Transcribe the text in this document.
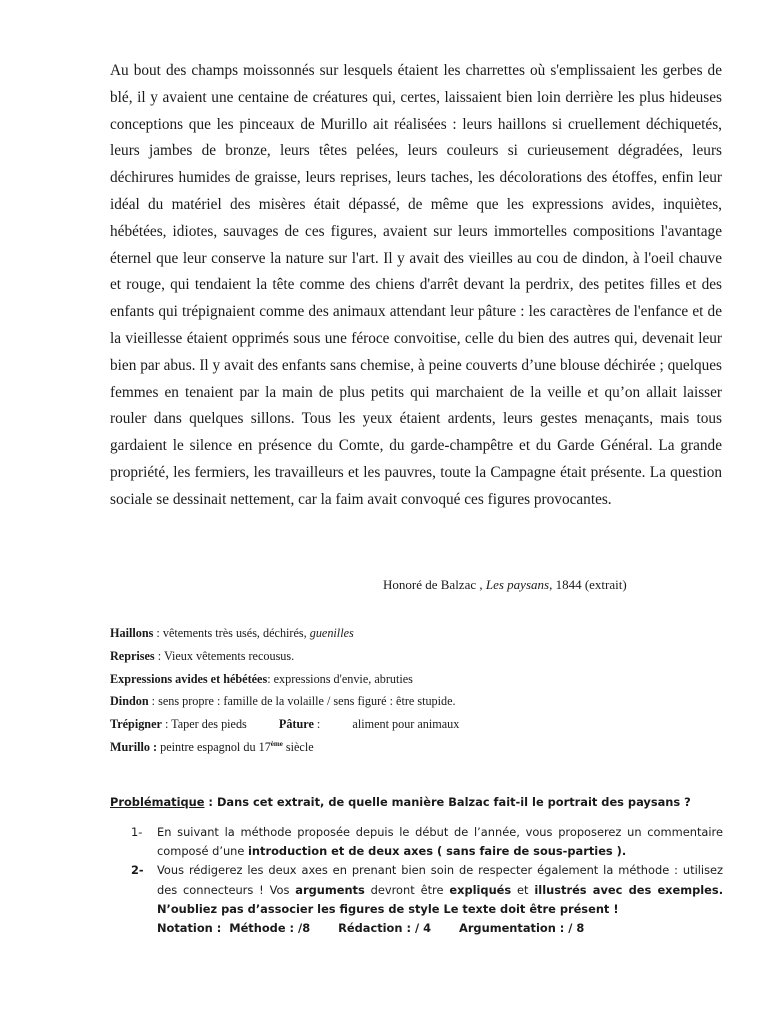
Au bout des champs moissonnés sur lesquels étaient les charrettes où s'emplissaient les gerbes de blé, il y avaient une centaine de créatures qui, certes, laissaient bien loin derrière les plus hideuses conceptions que les pinceaux de Murillo ait réalisées : leurs haillons si cruellement déchiquetés, leurs jambes de bronze, leurs têtes pelées, leurs couleurs si curieusement dégradées, leurs déchirures humides de graisse, leurs reprises, leurs taches, les décolorations des étoffes, enfin leur idéal du matériel des misères était dépassé, de même que les expressions avides, inquiètes, hébétées, idiotes, sauvages de ces figures, avaient sur leurs immortelles compositions l'avantage éternel que leur conserve la nature sur l'art. Il y avait des vieilles au cou de dindon, à l'oeil chauve et rouge, qui tendaient la tête comme des chiens d'arrêt devant la perdrix, des petites filles et des enfants qui trépignaient comme des animaux attendant leur pâture : les caractères de l'enfance et de la vieillesse étaient opprimés sous une féroce convoitise, celle du bien des autres qui, devenait leur bien par abus. Il y avait des enfants sans chemise, à peine couverts d’une blouse déchirée ; quelques femmes en tenaient par la main de plus petits qui marchaient de la veille et qu’on allait laisser rouler dans quelques sillons. Tous les yeux étaient ardents, leurs gestes menaçants, mais tous gardaient le silence en présence du Comte, du garde-champêtre et du Garde Général. La grande propriété, les fermiers, les travailleurs et les pauvres, toute la Campagne était présente. La question sociale se dessinait nettement, car la faim avait convoqué ces figures provocantes.
Honoré de Balzac , Les paysans, 1844 (extrait)
Haillons : vêtements très usés, déchirés, guenilles
Reprises : Vieux vêtements recousus.
Expressions avides et hébétées: expressions d'envie, abruties
Dindon : sens propre : famille de la volaille / sens figuré : être stupide.
Trépigner : Taper des pieds	Pâture :	aliment pour animaux
Murillo : peintre espagnol du 17ème siècle
Problématique : Dans cet extrait, de quelle manière Balzac fait-il le portrait des paysans ?
1-	En suivant la méthode proposée depuis le début de l’année, vous proposerez un commentaire composé d’une introduction et de deux axes ( sans faire de sous-parties ).
2-	Vous rédigerez les deux axes en prenant bien soin de respecter également la méthode : utilisez des connecteurs ! Vos arguments devront être expliqués et illustrés avec des exemples. N’oubliez pas d’associer les figures de style Le texte doit être présent !
Notation : Méthode : /8 Rédaction : / 4 Argumentation : / 8
